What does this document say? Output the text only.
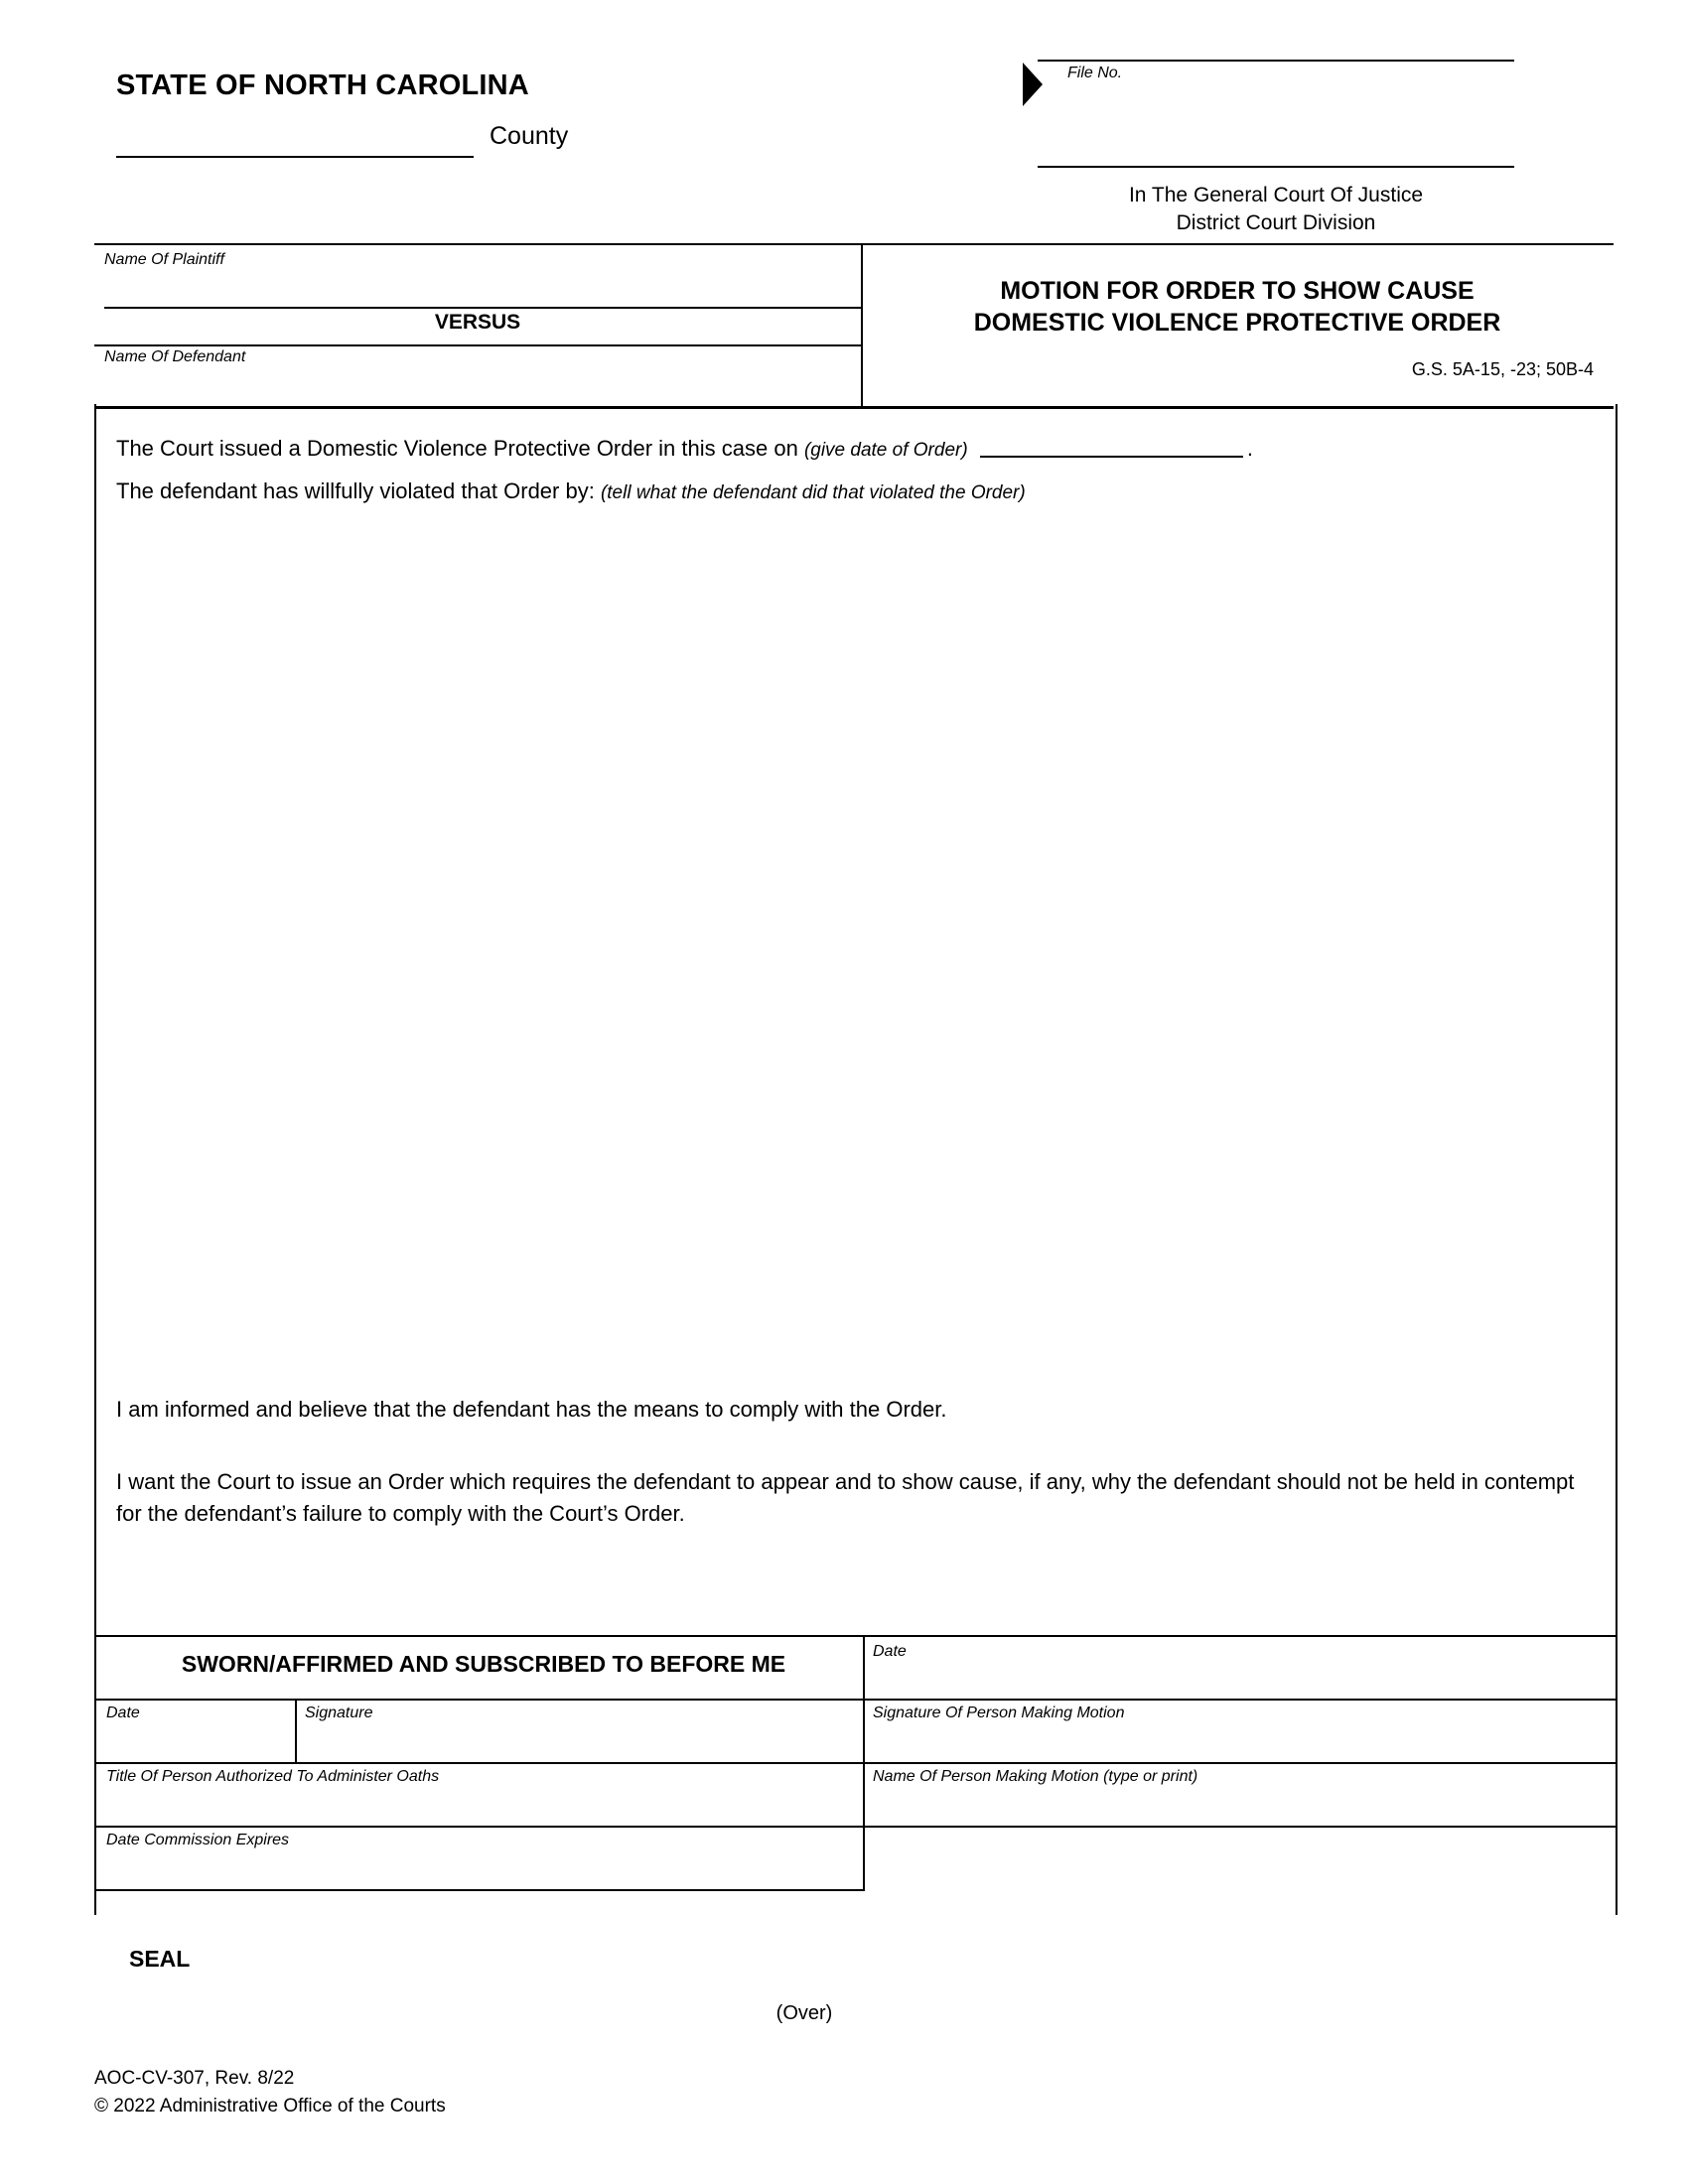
STATE OF NORTH CAROLINA
County
File No.
In The General Court Of Justice
District Court Division
Name Of Plaintiff
VERSUS
Name Of Defendant
MOTION FOR ORDER TO SHOW CAUSE
DOMESTIC VIOLENCE PROTECTIVE ORDER
G.S. 5A-15, -23; 50B-4
The Court issued a Domestic Violence Protective Order in this case on (give date of Order)	.
The defendant has willfully violated that Order by: (tell what the defendant did that violated the Order)
I am informed and believe that the defendant has the means to comply with the Order.
I want the Court to issue an Order which requires the defendant to appear and to show cause, if any, why the defendant should not be held in contempt for the defendant’s failure to comply with the Court’s Order.
SWORN/AFFIRMED AND SUBSCRIBED TO BEFORE ME	Date
Date	Signature	Signature Of Person Making Motion
Title Of Person Authorized To Administer Oaths	Name Of Person Making Motion (type or print)
Date Commission Expires
SEAL
(Over)
AOC-CV-307, Rev. 8/22
© 2022 Administrative Office of the Courts
